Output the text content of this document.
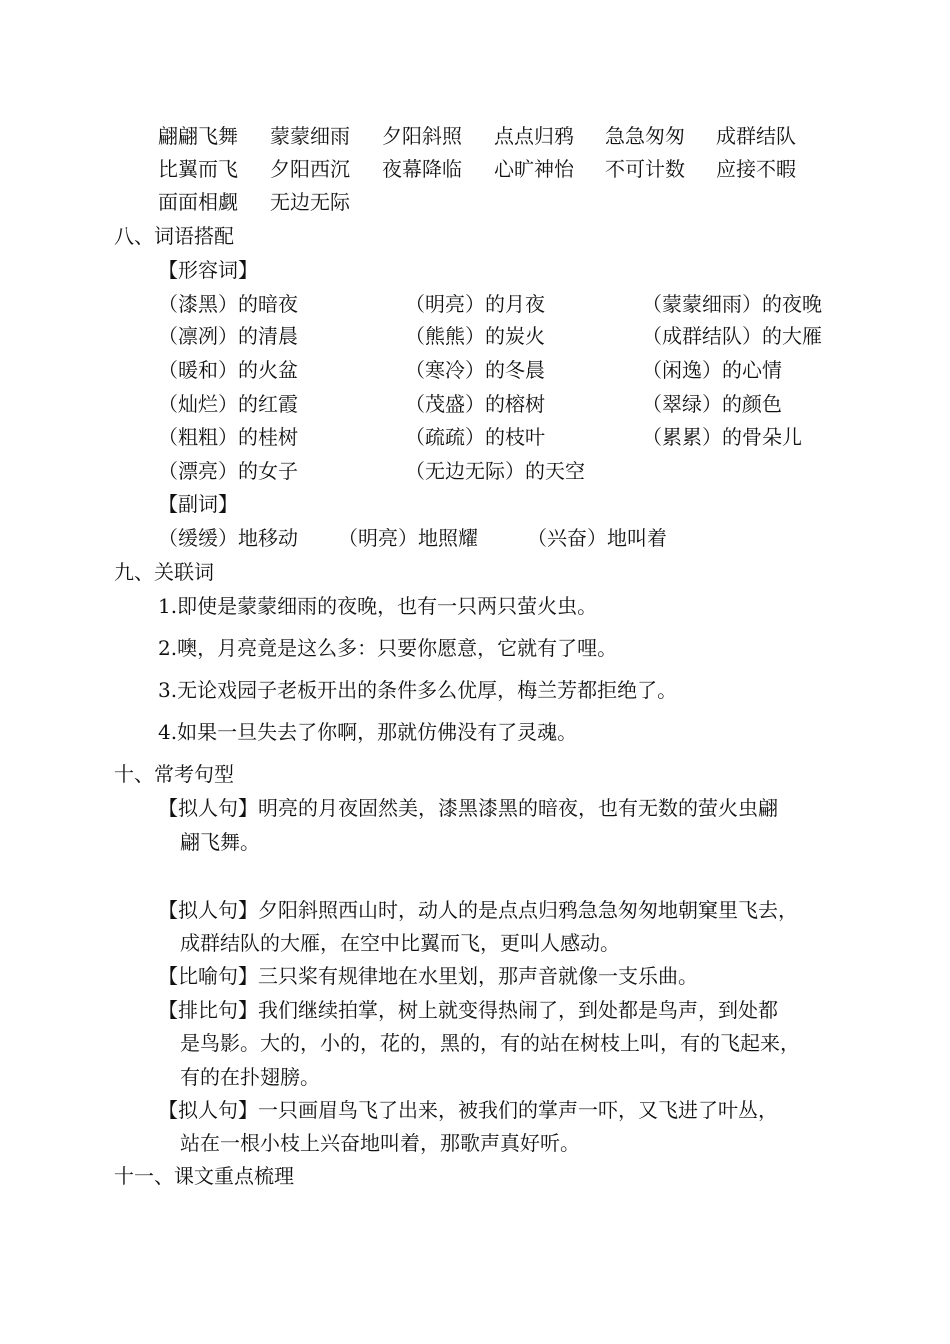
翩翩飞舞 蒙蒙细雨 夕阳斜照 点点归鸦 急急匆匆 成群结队
比翼而飞 夕阳西沉 夜幕降临 心旷神怡 不可计数 应接不暇
面面相觑 无边无际
八、词语搭配
【形容词】
（漆黑）的暗夜	（明亮）的月夜	（蒙蒙细雨）的夜晚
（凛冽）的清晨	（熊熊）的炭火	（成群结队）的大雁
（暖和）的火盆	（寒冷）的冬晨	（闲逸）的心情
（灿烂）的红霞	（茂盛）的榕树	（翠绿）的颜色
（粗粗）的桂树	（疏疏）的枝叶	（累累）的骨朵儿
（漂亮）的女子	（无边无际）的天空
【副词】
（缓缓）地移动 （明亮）地照耀 （兴奋）地叫着
九、关联词
1.即使是蒙蒙细雨的夜晚，也有一只两只萤火虫。
2.噢，月亮竟是这么多：只要你愿意，它就有了哩。
3.无论戏园子老板开出的条件多么优厚，梅兰芳都拒绝了。
4.如果一旦失去了你啊，那就仿佛没有了灵魂。
十、常考句型
【拟人句】明亮的月夜固然美，漆黑漆黑的暗夜，也有无数的萤火虫翩
翩飞舞。
【拟人句】夕阳斜照西山时，动人的是点点归鸦急急匆匆地朝窠里飞去，
成群结队的大雁，在空中比翼而飞，更叫人感动。
【比喻句】三只桨有规律地在水里划，那声音就像一支乐曲。
【排比句】我们继续拍掌，树上就变得热闹了，到处都是鸟声，到处都
是鸟影。大的，小的，花的，黑的，有的站在树枝上叫，有的飞起来，
有的在扑翅膀。
【拟人句】一只画眉鸟飞了出来，被我们的掌声一吓，又飞进了叶丛，
站在一根小枝上兴奋地叫着，那歌声真好听。
十一、课文重点梳理
